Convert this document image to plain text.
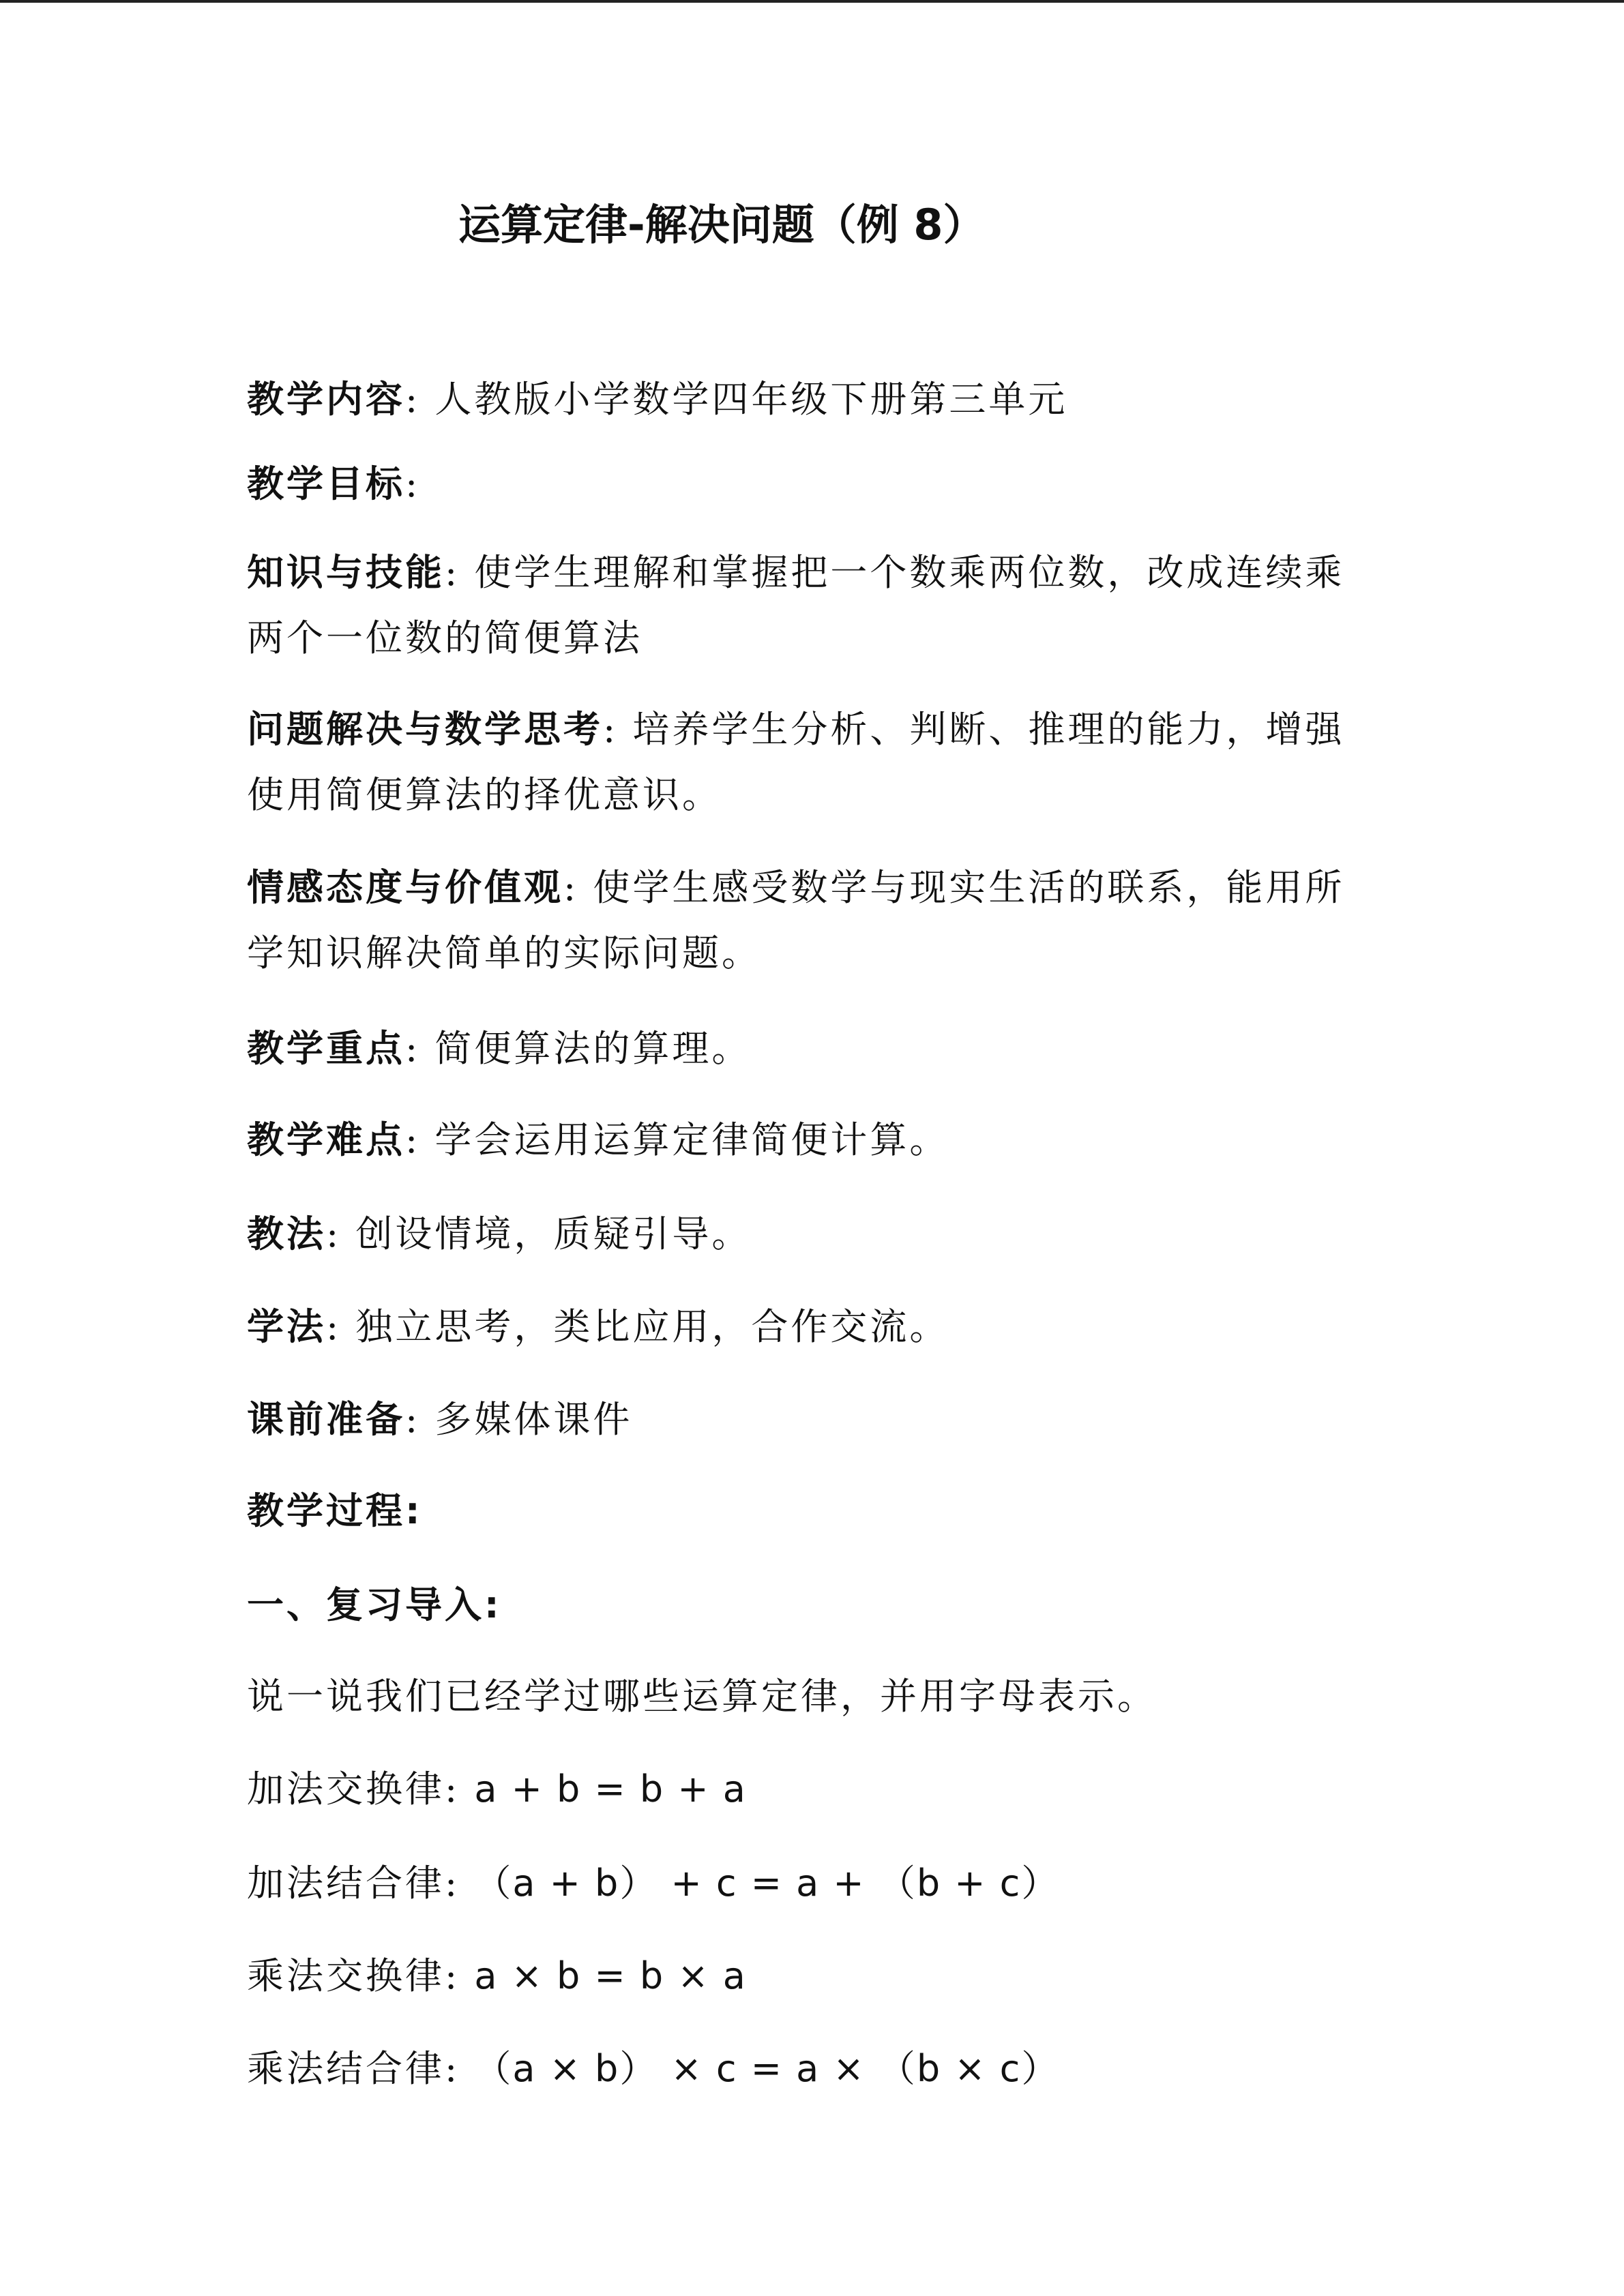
运算定律-解决问题（例 8）
教学内容: 人教版小学数学四年级下册第三单元
教学目标:
知识与技能: 使学生理解和掌握把一个数乘两位数，改成连续乘两个一位数的简便算法
问题解决与数学思考: 培养学生分析、判断、推理的能力，增强使用简便算法的择优意识。
情感态度与价值观: 使学生感受数学与现实生活的联系，能用所学知识解决简单的实际问题。
教学重点: 简便算法的算理。
教学难点: 学会运用运算定律简便计算。
教法: 创设情境，质疑引导。
学法: 独立思考，类比应用，合作交流。
课前准备: 多媒体课件
教学过程:
一、复习导入:
说一说我们已经学过哪些运算定律，并用字母表示。
加法交换律: a + b = b + a
加法结合律: （a + b） + c = a + （b + c）
乘法交换律: a × b = b × a
乘法结合律: （a × b） × c = a × （b × c）
